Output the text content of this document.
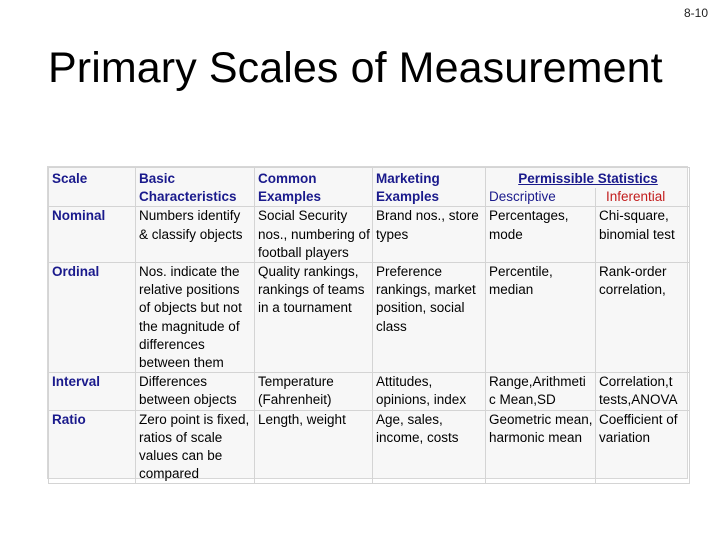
8-10
Primary Scales of Measurement
Scale	Basic Characteristics	Common Examples	Marketing Examples	Permissible Statistics	
				Descriptive	Inferential
Nominal	Numbers identify & classify objects	Social Security nos., numbering of football players	Brand nos., store types	Percentages, mode	Chi-square, binomial test
Ordinal	Nos. indicate the relative positions of objects but not the magnitude of differences between them	Quality rankings, rankings of teams in a tournament	Preference rankings, market position, social class	Percentile, median	Rank-order correlation,
Interval	Differences between objects	Temperature (Fahrenheit)	Attitudes, opinions, index	Range,Arithmeti c Mean,SD	Correlation,t tests,ANOVA
Ratio	Zero point is fixed, ratios of scale values can be compared	Length, weight	Age, sales, income, costs	Geometric mean, harmonic mean	Coefficient of variation
